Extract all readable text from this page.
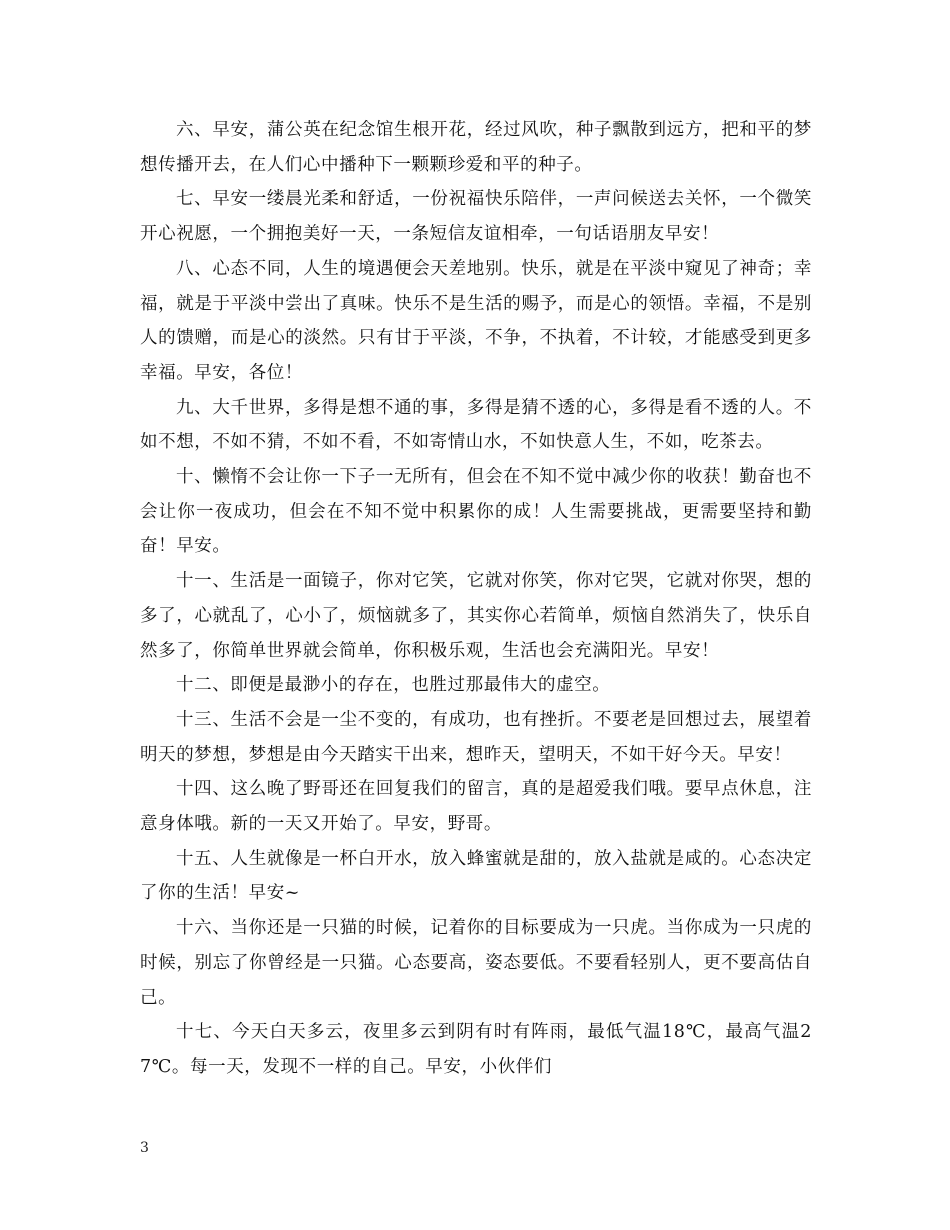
六、早安，蒲公英在纪念馆生根开花，经过风吹，种子飘散到远方，把和平的梦想传播开去，在人们心中播种下一颗颗珍爱和平的种子。

七、早安一缕晨光柔和舒适，一份祝福快乐陪伴，一声问候送去关怀，一个微笑开心祝愿，一个拥抱美好一天，一条短信友谊相牵，一句话语朋友早安！

八、心态不同，人生的境遇便会天差地别。快乐，就是在平淡中窥见了神奇；幸福，就是于平淡中尝出了真味。快乐不是生活的赐予，而是心的领悟。幸福，不是别人的馈赠，而是心的淡然。只有甘于平淡，不争，不执着，不计较，才能感受到更多幸福。早安，各位！

九、大千世界，多得是想不通的事，多得是猜不透的心，多得是看不透的人。不如不想，不如不猜，不如不看，不如寄情山水，不如快意人生，不如，吃茶去。

十、懒惰不会让你一下子一无所有，但会在不知不觉中减少你的收获！勤奋也不会让你一夜成功，但会在不知不觉中积累你的成！人生需要挑战，更需要坚持和勤奋！早安。

十一、生活是一面镜子，你对它笑，它就对你笑，你对它哭，它就对你哭，想的多了，心就乱了，心小了，烦恼就多了，其实你心若简单，烦恼自然消失了，快乐自然多了，你简单世界就会简单，你积极乐观，生活也会充满阳光。早安！

十二、即便是最渺小的存在，也胜过那最伟大的虚空。

十三、生活不会是一尘不变的，有成功，也有挫折。不要老是回想过去，展望着明天的梦想，梦想是由今天踏实干出来，想昨天，望明天，不如干好今天。早安！

十四、这么晚了野哥还在回复我们的留言，真的是超爱我们哦。要早点休息，注意身体哦。新的一天又开始了。早安，野哥。

十五、人生就像是一杯白开水，放入蜂蜜就是甜的，放入盐就是咸的。心态决定了你的生活！早安~

十六、当你还是一只猫的时候，记着你的目标要成为一只虎。当你成为一只虎的时候，别忘了你曾经是一只猫。心态要高，姿态要低。不要看轻别人，更不要高估自己。

十七、今天白天多云，夜里多云到阴有时有阵雨，最低气温18℃，最高气温27℃。每一天，发现不一样的自己。早安，小伙伴们

3
